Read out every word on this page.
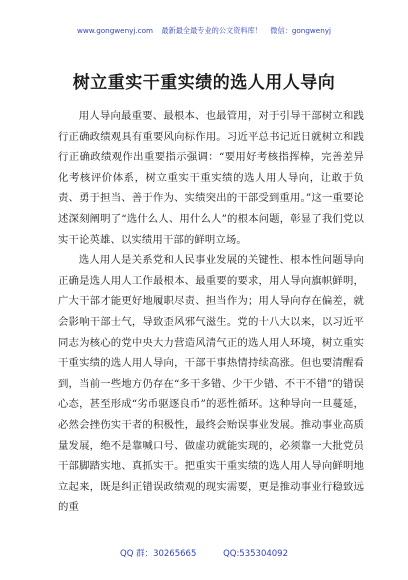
www.gongwenyj.com 最新最全最专业的公文资料库！ 微信：gongwenyj
树立重实干重实绩的选人用人导向

用人导向最重要、最根本、也最管用，对于引导干部树立和践行正确政绩观具有重要风向标作用。习近平总书记近日就树立和践行正确政绩观作出重要指示强调：“要用好考核指挥棒，完善差异化考核评价体系，树立重实干重实绩的选人用人导向，让敢于负责、勇于担当、善于作为、实绩突出的干部受到重用。”这一重要论述深刻阐明了“选什么人、用什么人”的根本问题，彰显了我们党以实干论英雄、以实绩用干部的鲜明立场。

选人用人是关系党和人民事业发展的关键性、根本性问题导向正确是选人用人工作最根本、最重要的要求，用人导向旗帜鲜明，广大干部才能更好地履职尽责、担当作为；用人导向存在偏差，就会影响干部士气，导致歪风邪气滋生。党的十八大以来，以习近平同志为核心的党中央大力营造风清气正的选人用人环境，树立重实干重实绩的选人用人导向，干部干事热情持续高涨。但也要清醒看到，当前一些地方仍存在“多干多错、少干少错、不干不错”的错误心态，甚至形成“劣币驱逐良币”的恶性循环。这种导向一旦蔓延，必然会挫伤实干者的积极性，最终会贻误事业发展。推动事业高质量发展，绝不是靠喊口号、做虚功就能实现的，必须靠一大批党员干部脚踏实地、真抓实干。把重实干重实绩的选人用人导向鲜明地立起来，既是纠正错误政绩观的现实需要，更是推动事业行稳致远的重

QQ 群：30265665	QQ:535304092
